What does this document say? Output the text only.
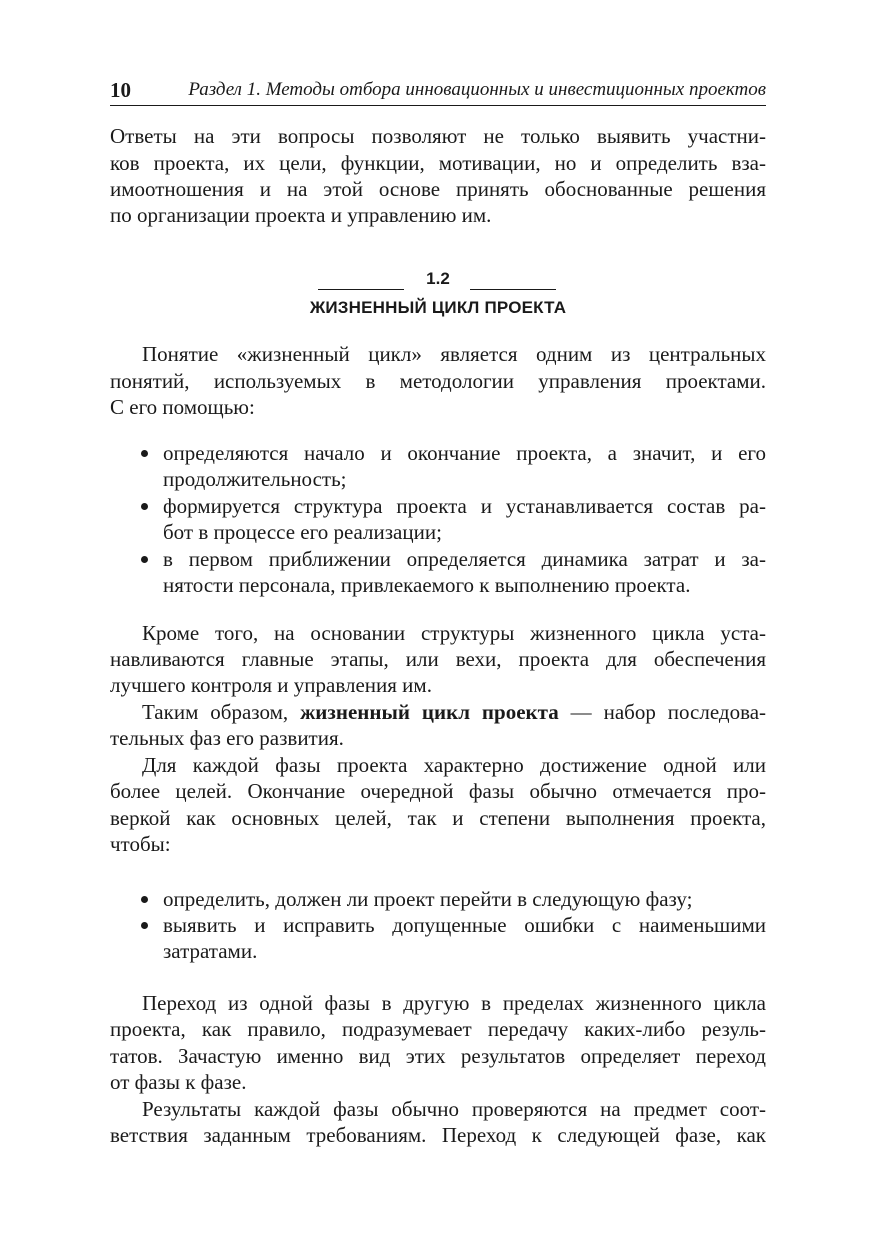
10	Раздел 1. Методы отбора инновационных и инвестиционных проектов
Ответы на эти вопросы позволяют не только выявить участни-
ков проекта, их цели, функции, мотивации, но и определить вза-
имоотношения и на этой основе принять обоснованные решения
по организации проекта и управлению им.
1.2
ЖИЗНЕННЫЙ ЦИКЛ ПРОЕКТА
Понятие «жизненный цикл» является одним из центральных
понятий, используемых в методологии управления проектами.
С его помощью:
определяются начало и окончание проекта, а значит, и его
продолжительность;
формируется структура проекта и устанавливается состав ра-
бот в процессе его реализации;
в первом приближении определяется динамика затрат и за-
нятости персонала, привлекаемого к выполнению проекта.
Кроме того, на основании структуры жизненного цикла уста-
навливаются главные этапы, или вехи, проекта для обеспечения
лучшего контроля и управления им.
Таким образом, жизненный цикл проекта — набор последова-
тельных фаз его развития.
Для каждой фазы проекта характерно достижение одной или
более целей. Окончание очередной фазы обычно отмечается про-
веркой как основных целей, так и степени выполнения проекта,
чтобы:
определить, должен ли проект перейти в следующую фазу;
выявить и исправить допущенные ошибки с наименьшими
затратами.
Переход из одной фазы в другую в пределах жизненного цикла
проекта, как правило, подразумевает передачу каких-либо резуль-
татов. Зачастую именно вид этих результатов определяет переход
от фазы к фазе.
Результаты каждой фазы обычно проверяются на предмет соот-
ветствия заданным требованиям. Переход к следующей фазе, как
